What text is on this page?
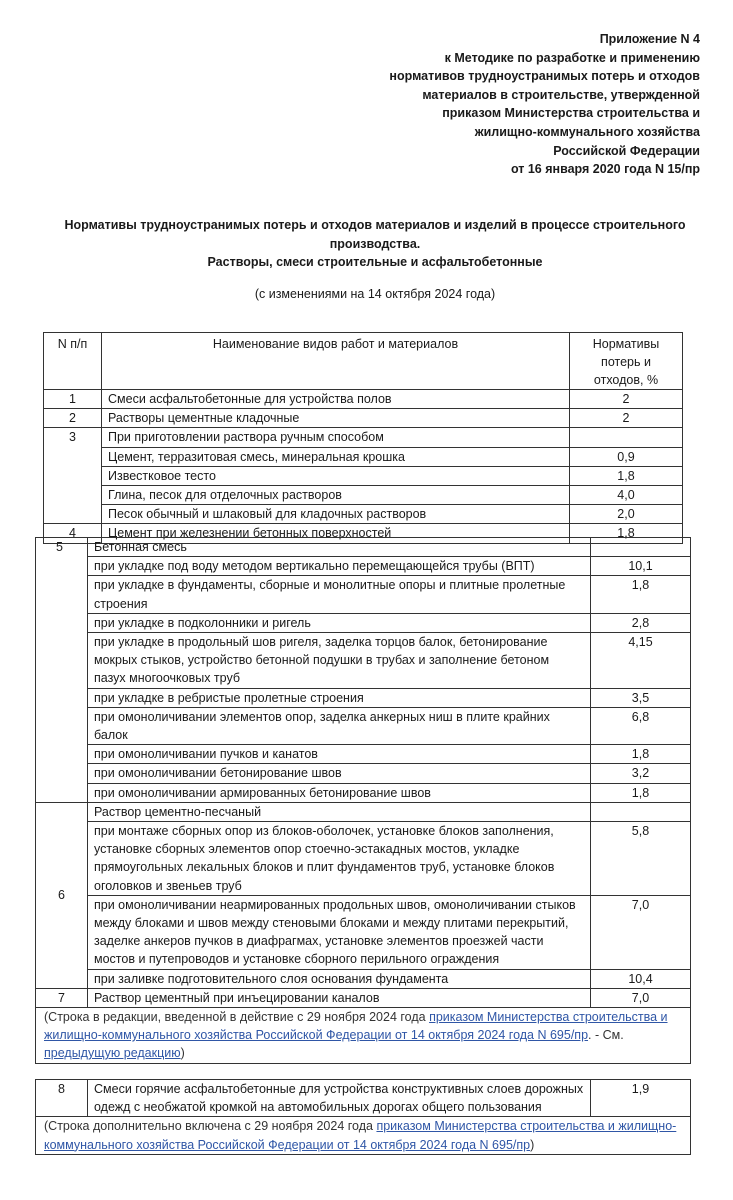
Приложение N 4
к Методике по разработке и применению
нормативов трудноустранимых потерь и отходов
материалов в строительстве, утвержденной
приказом Министерства строительства и
жилищно-коммунального хозяйства
Российской Федерации
от 16 января 2020 года N 15/пр
Нормативы трудноустранимых потерь и отходов материалов и изделий в процессе строительного
производства.
Растворы, смеси строительные и асфальтобетонные
(с изменениями на 14 октября 2024 года)
N п/п	Наименование видов работ и материалов	Нормативы потерь и отходов, %
1	Смеси асфальтобетонные для устройства полов	2
2	Растворы цементные кладочные	2
3	При приготовлении раствора ручным способом	
	Цемент, терразитовая смесь, минеральная крошка	0,9
	Известковое тесто	1,8
	Глина, песок для отделочных растворов	4,0
	Песок обычный и шлаковый для кладочных растворов	2,0
4	Цемент при железнении бетонных поверхностей	1,8
5	Бетонная смесь	
	при укладке под воду методом вертикально перемещающейся трубы (ВПТ)	10,1
	при укладке в фундаменты, сборные и монолитные опоры и плитные пролетные строения	1,8
	при укладке в подколонники и ригель	2,8
	при укладке в продольный шов ригеля, заделка торцов балок, бетонирование мокрых стыков, устройство бетонной подушки в трубах и заполнение бетоном пазух многоочковых труб	4,15
	при укладке в ребристые пролетные строения	3,5
	при омоноличивании элементов опор, заделка анкерных ниш в плите крайних балок	6,8
	при омоноличивании пучков и канатов	1,8
	при омоноличивании бетонирование швов	3,2
	при омоноличивании армированных бетонирование швов	1,8
6	Раствор цементно-песчаный	
	при монтаже сборных опор из блоков-оболочек, установке блоков заполнения, установке сборных элементов опор стоечно-эстакадных мостов, укладке прямоугольных лекальных блоков и плит фундаментов труб, установке блоков оголовков и звеньев труб	5,8
	при омоноличивании неармированных продольных швов, омоноличивании стыков между блоками и швов между стеновыми блоками и между плитами перекрытий, заделке анкеров пучков в диафрагмах, установке элементов проезжей части мостов и путепроводов и установке сборного перильного ограждения	7,0
	при заливке подготовительного слоя основания фундамента	10,4
7	Раствор цементный при инъецировании каналов	7,0
(Строка в редакции, введенной в действие с 29 ноября 2024 года приказом Министерства строительства и жилищно-коммунального хозяйства Российской Федерации от 14 октября 2024 года N 695/пр. - См. предыдущую редакцию)		
8	Смеси горячие асфальтобетонные для устройства конструктивных слоев дорожных одежд с необжатой кромкой на автомобильных дорогах общего пользования	1,9
(Строка дополнительно включена с 29 ноября 2024 года приказом Министерства строительства и жилищно-коммунального хозяйства Российской Федерации от 14 октября 2024 года N 695/пр)
